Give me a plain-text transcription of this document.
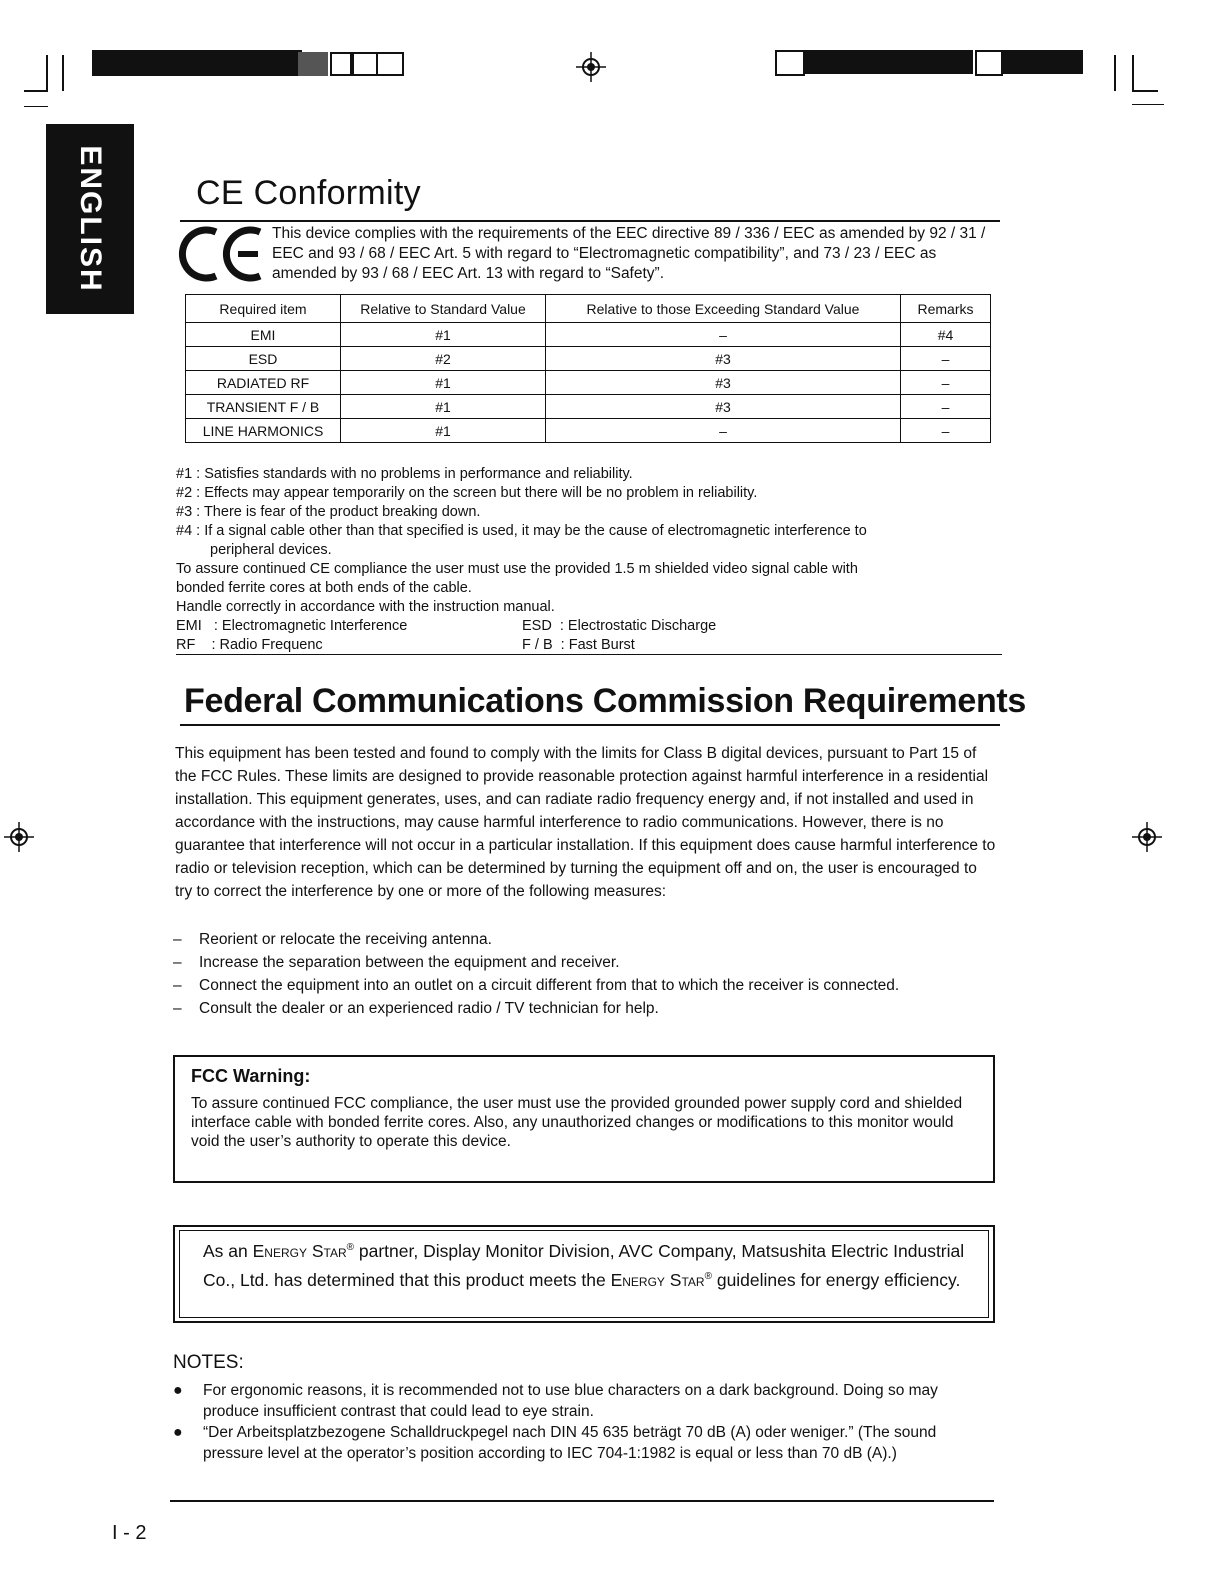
ENGLISH	CE Conformity
This device complies with the requirements of the EEC directive 89 / 336 / EEC as amended by 92 / 31 / EEC and 93 / 68 / EEC Art. 5 with regard to “Electromagnetic compatibility”, and 73 / 23 / EEC as amended by 93 / 68 / EEC Art. 13 with regard to “Safety”.
Required item	Relative to Standard Value	Relative to those Exceeding Standard Value	Remarks
EMI	#1	–	#4
ESD	#2	#3	–
RADIATED RF	#1	#3	–
TRANSIENT F / B	#1	#3	–
LINE HARMONICS	#1	–	–
#1 : Satisfies standards with no problems in performance and reliability.
#2 : Effects may appear temporarily on the screen but there will be no problem in reliability.
#3 : There is fear of the product breaking down.
#4 : If a signal cable other than that specified is used, it may be the cause of electromagnetic interference to
peripheral devices.
To assure continued CE compliance the user must use the provided 1.5 m shielded video signal cable with
bonded ferrite cores at both ends of the cable.
Handle correctly in accordance with the instruction manual.
EMI   : Electromagnetic Interference	ESD  : Electrostatic Discharge
RF    : Radio Frequenc	F / B  : Fast Burst
Federal Communications Commission Requirements
This equipment has been tested and found to comply with the limits for Class B digital devices, pursuant to Part 15 of the FCC Rules. These limits are designed to provide reasonable protection against harmful interference in a residential installation. This equipment generates, uses, and can radiate radio frequency energy and, if not installed and used in accordance with the instructions, may cause harmful interference to radio communications. However, there is no guarantee that interference will not occur in a particular installation. If this equipment does cause harmful interference to radio or television reception, which can be determined by turning the equipment off and on, the user is encouraged to try to correct the interference by one or more of the following measures:
–	Reorient or relocate the receiving antenna.
–	Increase the separation between the equipment and receiver.
–	Connect the equipment into an outlet on a circuit different from that to which the receiver is connected.
–	Consult the dealer or an experienced radio / TV technician for help.
FCC Warning:
To assure continued FCC compliance, the user must use the provided grounded power supply cord and shielded interface cable with bonded ferrite cores. Also, any unauthorized changes or modifications to this monitor would void the user’s authority to operate this device.
As an Energy Star® partner, Display Monitor Division, AVC Company, Matsushita Electric Industrial Co., Ltd. has determined that this product meets the Energy Star® guidelines for energy efficiency.
NOTES:
●	For ergonomic reasons, it is recommended not to use blue characters on a dark background. Doing so may produce insufficient contrast that could lead to eye strain.
●	“Der Arbeitsplatzbezogene Schalldruckpegel nach DIN 45 635 beträgt 70 dB (A) oder weniger.” (The sound pressure level at the operator’s position according to IEC 704-1:1982 is equal or less than 70 dB (A).)
I - 2
